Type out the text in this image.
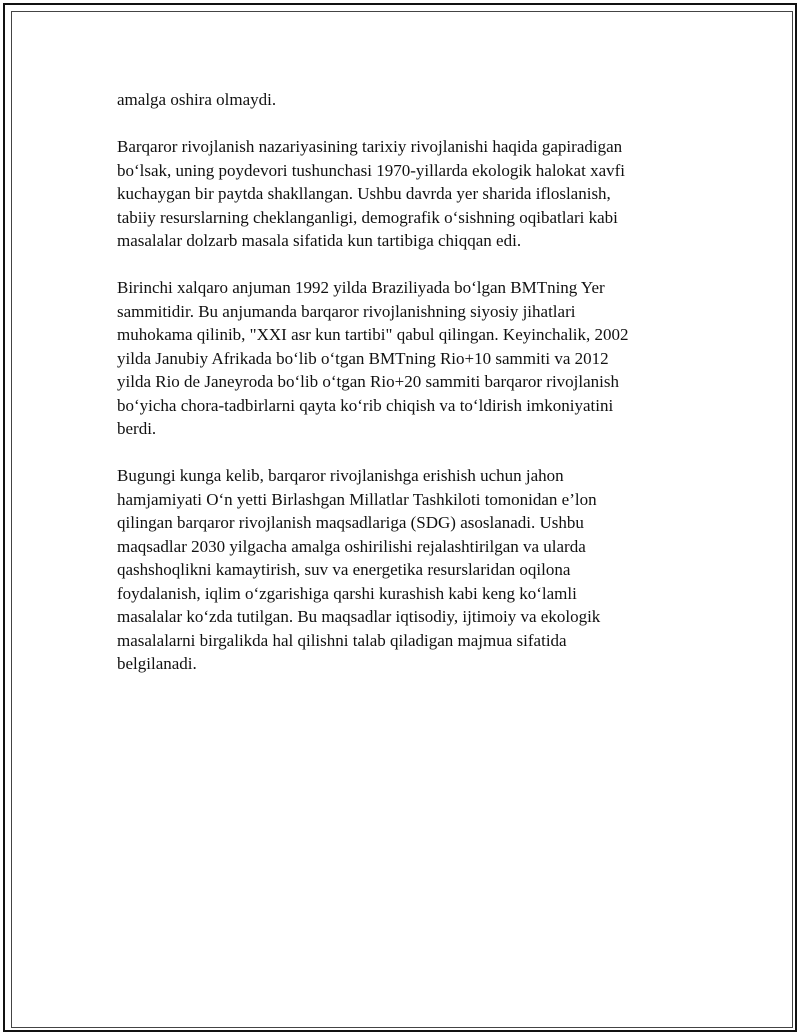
amalga oshira olmaydi.

Barqaror rivojlanish nazariyasining tarixiy rivojlanishi haqida gapiradigan
bo‘lsak, uning poydevori tushunchasi 1970-yillarda ekologik halokat xavfi
kuchaygan bir paytda shakllangan. Ushbu davrda yer sharida ifloslanish,
tabiiy resurslarning cheklanganligi, demografik o‘sishning oqibatlari kabi
masalalar dolzarb masala sifatida kun tartibiga chiqqan edi.

Birinchi xalqaro anjuman 1992 yilda Braziliyada bo‘lgan BMTning Yer
sammitidir. Bu anjumanda barqaror rivojlanishning siyosiy jihatlari
muhokama qilinib, "XXI asr kun tartibi" qabul qilingan. Keyinchalik, 2002
yilda Janubiy Afrikada bo‘lib o‘tgan BMTning Rio+10 sammiti va 2012
yilda Rio de Janeyroda bo‘lib o‘tgan Rio+20 sammiti barqaror rivojlanish
bo‘yicha chora-tadbirlarni qayta ko‘rib chiqish va to‘ldirish imkoniyatini
berdi.

Bugungi kunga kelib, barqaror rivojlanishga erishish uchun jahon
hamjamiyati O‘n yetti Birlashgan Millatlar Tashkiloti tomonidan e’lon
qilingan barqaror rivojlanish maqsadlariga (SDG) asoslanadi. Ushbu
maqsadlar 2030 yilgacha amalga oshirilishi rejalashtirilgan va ularda
qashshoqlikni kamaytirish, suv va energetika resurslaridan oqilona
foydalanish, iqlim o‘zgarishiga qarshi kurashish kabi keng ko‘lamli
masalalar ko‘zda tutilgan. Bu maqsadlar iqtisodiy, ijtimoiy va ekologik
masalalarni birgalikda hal qilishni talab qiladigan majmua sifatida
belgilanadi.
